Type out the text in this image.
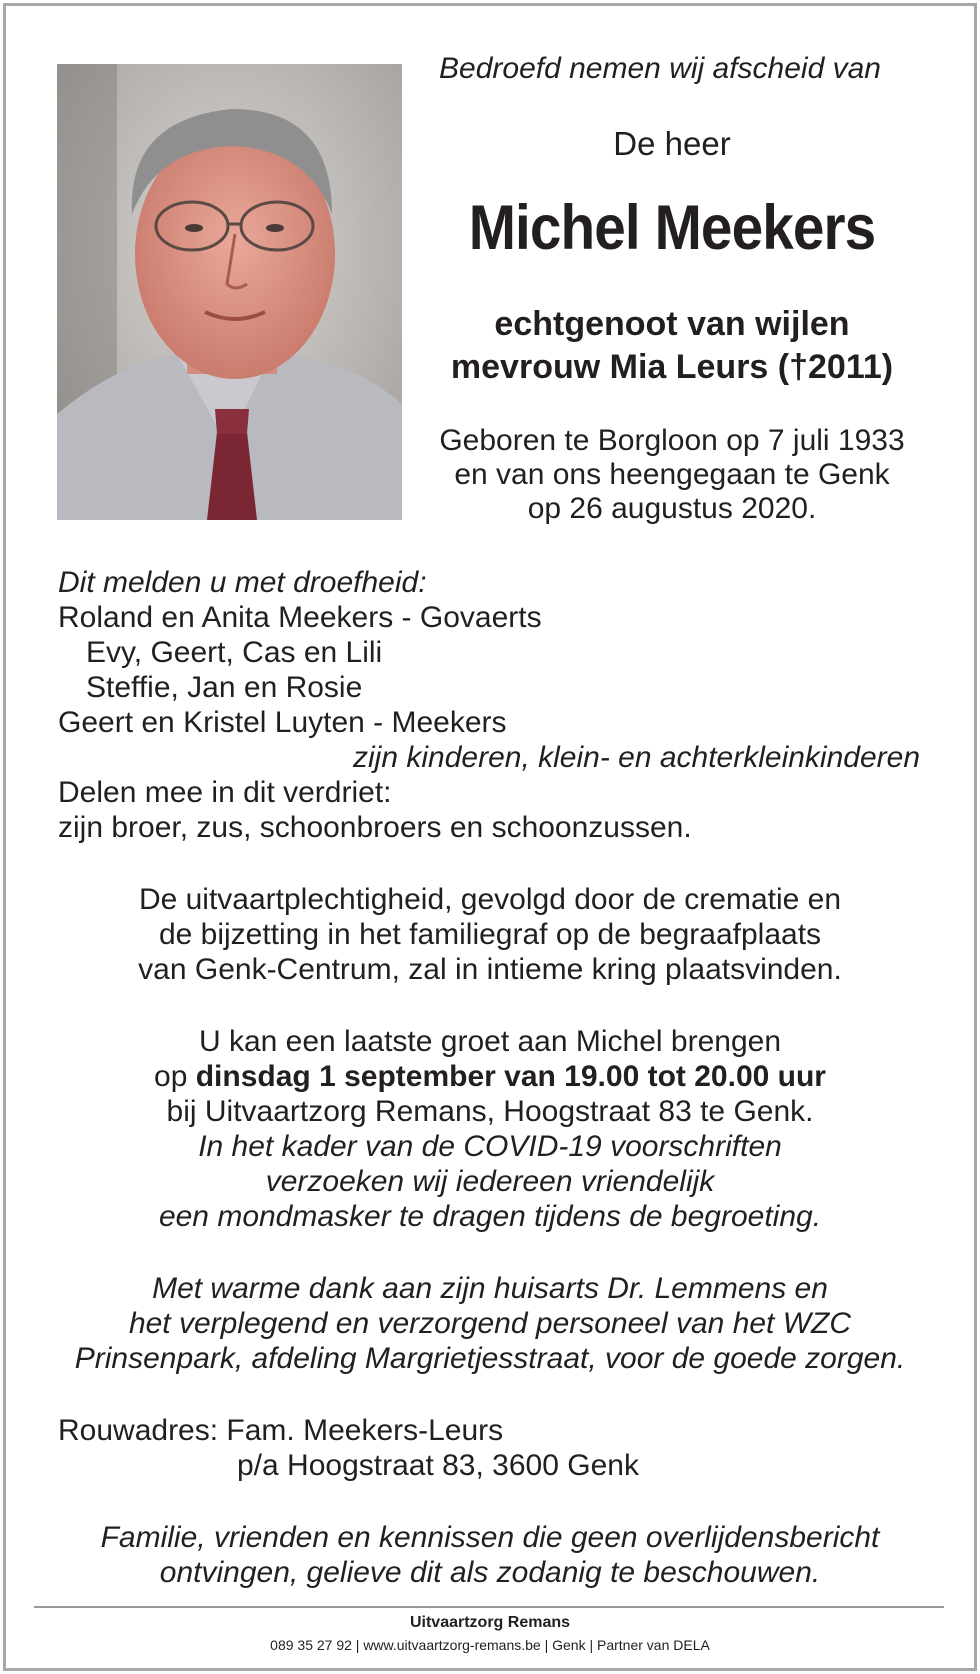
Bedroefd nemen wij afscheid van
De heer
Michel Meekers
echtgenoot van wijlen
mevrouw Mia Leurs (†2011)
Geboren te Borgloon op 7 juli 1933
en van ons heengegaan te Genk
op 26 augustus 2020.
Dit melden u met droefheid:
Roland en Anita Meekers - Govaerts
Evy, Geert, Cas en Lili
Steffie, Jan en Rosie
Geert en Kristel Luyten - Meekers
zijn kinderen, klein- en achterkleinkinderen
Delen mee in dit verdriet:
zijn broer, zus, schoonbroers en schoonzussen.
De uitvaartplechtigheid, gevolgd door de crematie en
de bijzetting in het familiegraf op de begraafplaats
van Genk-Centrum, zal in intieme kring plaatsvinden.
U kan een laatste groet aan Michel brengen
op dinsdag 1 september van 19.00 tot 20.00 uur
bij Uitvaartzorg Remans, Hoogstraat 83 te Genk.
In het kader van de COVID-19 voorschriften
verzoeken wij iedereen vriendelijk
een mondmasker te dragen tijdens de begroeting.
Met warme dank aan zijn huisarts Dr. Lemmens en
het verplegend en verzorgend personeel van het WZC
Prinsenpark, afdeling Margrietjesstraat, voor de goede zorgen.
Rouwadres: Fam. Meekers-Leurs
p/a Hoogstraat 83, 3600 Genk
Familie, vrienden en kennissen die geen overlijdensbericht
ontvingen, gelieve dit als zodanig te beschouwen.
Uitvaartzorg Remans
089 35 27 92 | www.uitvaartzorg-remans.be | Genk | Partner van DELA
